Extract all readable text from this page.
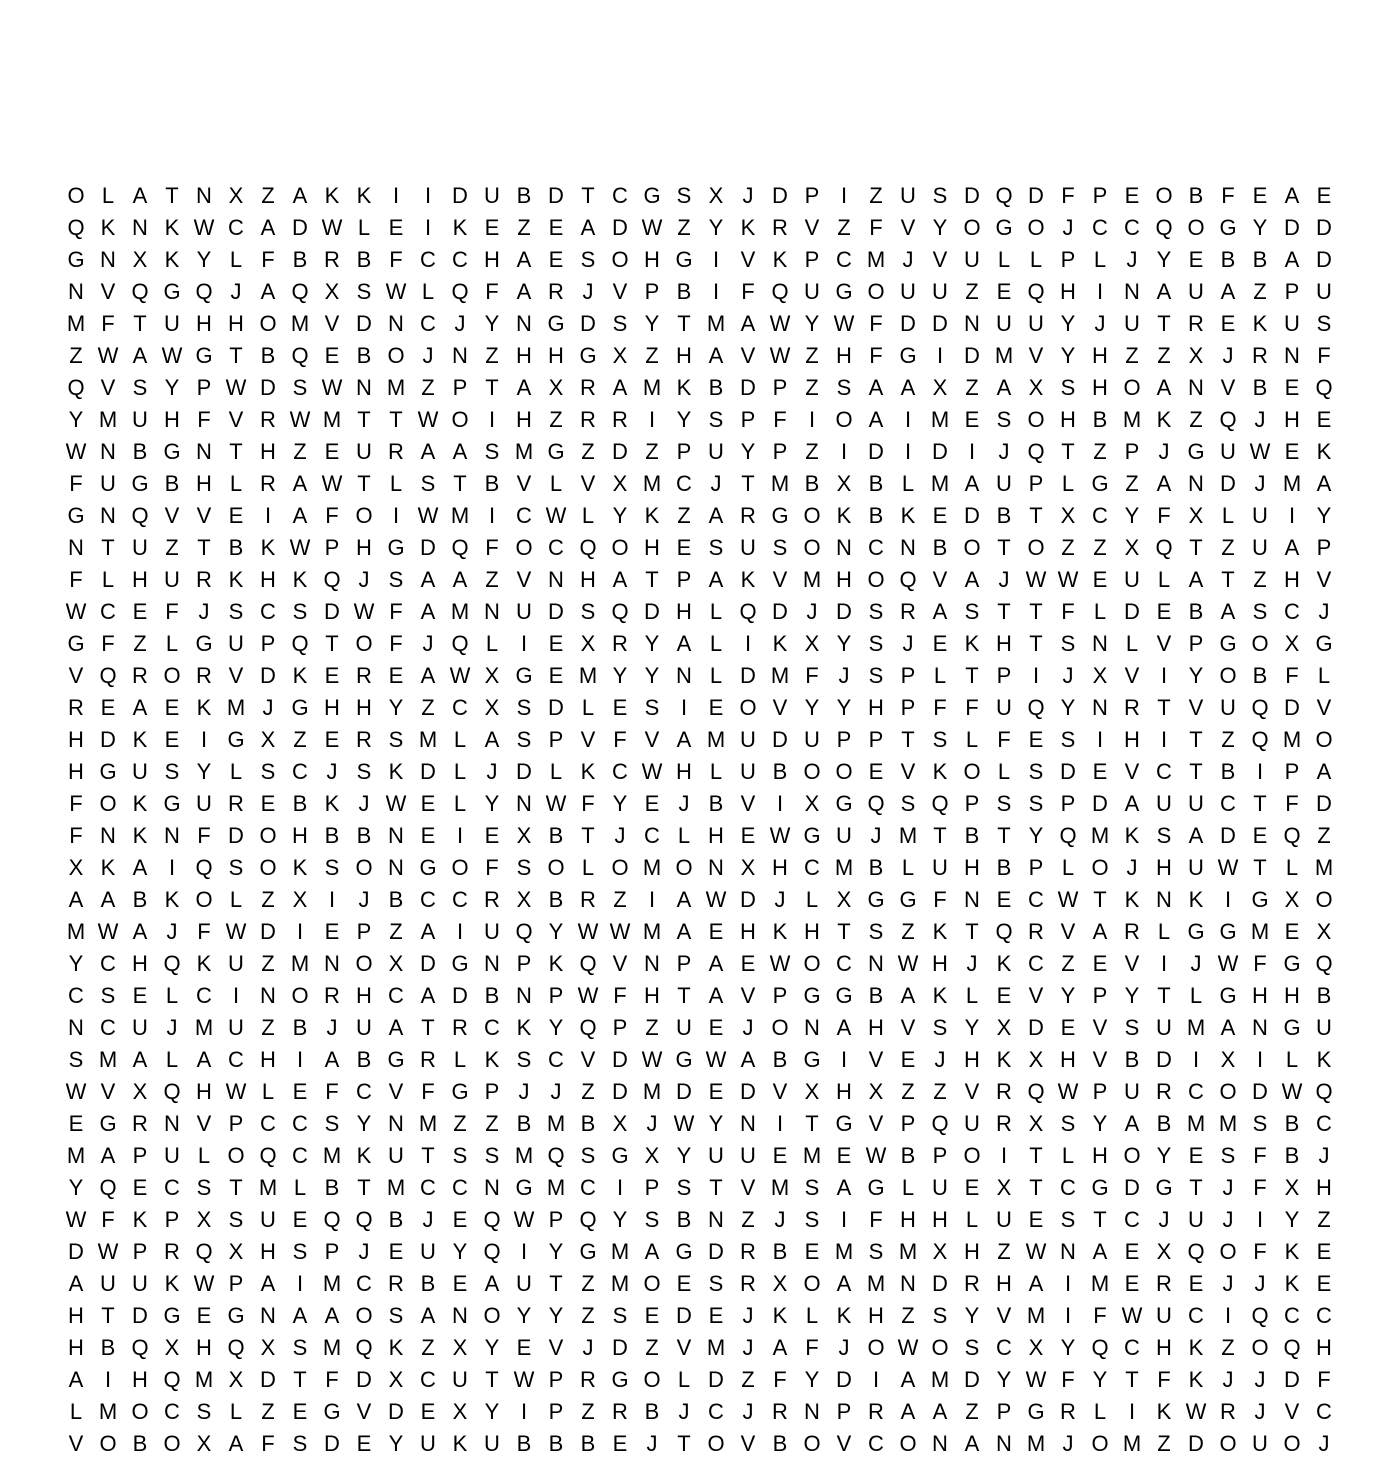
O L A T N X Z A K K I	I D U B D T C G S X J D P I	Z U S D Q D F P E O B F E A E
Q K N K W C A D W L E I K E Z E A D W Z Y K R V Z F V Y O G O J C C Q O G Y D D
G N X K Y L F B R B F C C H A E S O H G I V K P C M J V U L L P L J Y E B B A D
N V Q G Q J A Q X S W L Q F A R J V P B I	F Q U G O U U Z E Q H I N A U A Z P U
M F T U H H O M V D N C J Y N G D S Y T M A W Y W F D D N U U Y J U T R E K U S
Z W A W G T B Q E B O J N Z H H G X Z H A V W Z H F G I D M V Y H Z Z X J R N F
Q V S Y P W D S W N M Z P T A X R A M K B D P Z S A A X Z A X S H O A N V B E Q
Y M U H F V R W M T T W O I H Z R R I Y S P F	I O A I M E S O H B M K Z Q J H E
W N B G N T H Z E U R A A S M G Z D Z P U Y P Z	I D I D I	J Q T Z P J G U W E K
F U G B H L R A W T L S T B V L V X M C J T M B X B L M A U P L G Z A N D J M A
G N Q V V E I A F O I W M I C W L Y K Z A R G O K B K E D B T X C Y F X L U I Y
N T U Z T B K W P H G D Q F O C Q O H E S U S O N C N B O T O Z Z X Q T Z U A P
F L H U R K H K Q J S A A Z V N H A T P A K V M H O Q V A J W W E U L A T Z H V
W C E F J S C S D W F A M N U D S Q D H L Q D J D S R A S T T F L D E B A S C J
G F Z L G U P Q T O F J Q L	I E X R Y A L	I K X Y S J E K H T S N L V P G O X G
V Q R O R V D K E R E A W X G E M Y Y N L D M F J S P L T P I	J X V I Y O B F L
R E A E K M J G H H Y Z C X S D L E S I E O V Y Y H P F F U Q Y N R T V U Q D V
H D K E I G X Z E R S M L A S P V F V A M U D U P P T S L F E S I H I	T Z Q M O
H G U S Y L S C J S K D L J D L K C W H L U B O O E V K O L S D E V C T B I P A
F O K G U R E B K J W E L Y N W F Y E J B V I X G Q S Q P S S P D A U U C T F D
F N K N F D O H B B N E I E X B T J C L H E W G U J M T B T Y Q M K S A D E Q Z
X K A I Q S O K S O N G O F S O L O M O N X H C M B L U H B P L O J H U W T L M
A A B K O L Z X I	J B C C R X B R Z	I A W D J L X G G F N E C W T K N K I G X O
M W A J F W D I E P Z A I U Q Y W W M A E H K H T S Z K T Q R V A R L G G M E X
Y C H Q K U Z M N O X D G N P K Q V N P A E W O C N W H J K C Z E V I	J W F G Q
C S E L C I N O R H C A D B N P W F H T A V P G G B A K L E V Y P Y T L G H H B
N C U J M U Z B J U A T R C K Y Q P Z U E J O N A H V S Y X D E V S U M A N G U
S M A L A C H I A B G R L K S C V D W G W A B G I V E J H K X H V B D I X I	L K
W V X Q H W L E F C V F G P J J Z D M D E D V X H X Z Z V R Q W P U R C O D W Q
E G R N V P C C S Y N M Z Z B M B X J W Y N I	T G V P Q U R X S Y A B M M S B C
M A P U L O Q C M K U T S S M Q S G X Y U U E M E W B P O I	T L H O Y E S F B J
Y Q E C S T M L B T M C C N G M C I P S T V M S A G L U E X T C G D G T J F X H
W F K P X S U E Q Q B J E Q W P Q Y S B N Z J S I	F H H L U E S T C J U J	I Y Z
D W P R Q X H S P J E U Y Q I Y G M A G D R B E M S M X H Z W N A E X Q O F K E
A U U K W P A I M C R B E A U T Z M O E S R X O A M N D R H A I M E R E J J K E
H T D G E G N A A O S A N O Y Y Z S E D E J K L K H Z S Y V M I	F W U C I Q C C
H B Q X H Q X S M Q K Z X Y E V J D Z V M J A F J O W O S C X Y Q C H K Z O Q H
A I H Q M X D T F D X C U T W P R G O L D Z F Y D I A M D Y W F Y T F K J J D F
L M O C S L Z E G V D E X Y I P Z R B J C J R N P R A A Z P G R L	I K W R J V C
V O B O X A F S D E Y U K U B B B E J T O V B O V C O N A N M J O M Z D O U O J
